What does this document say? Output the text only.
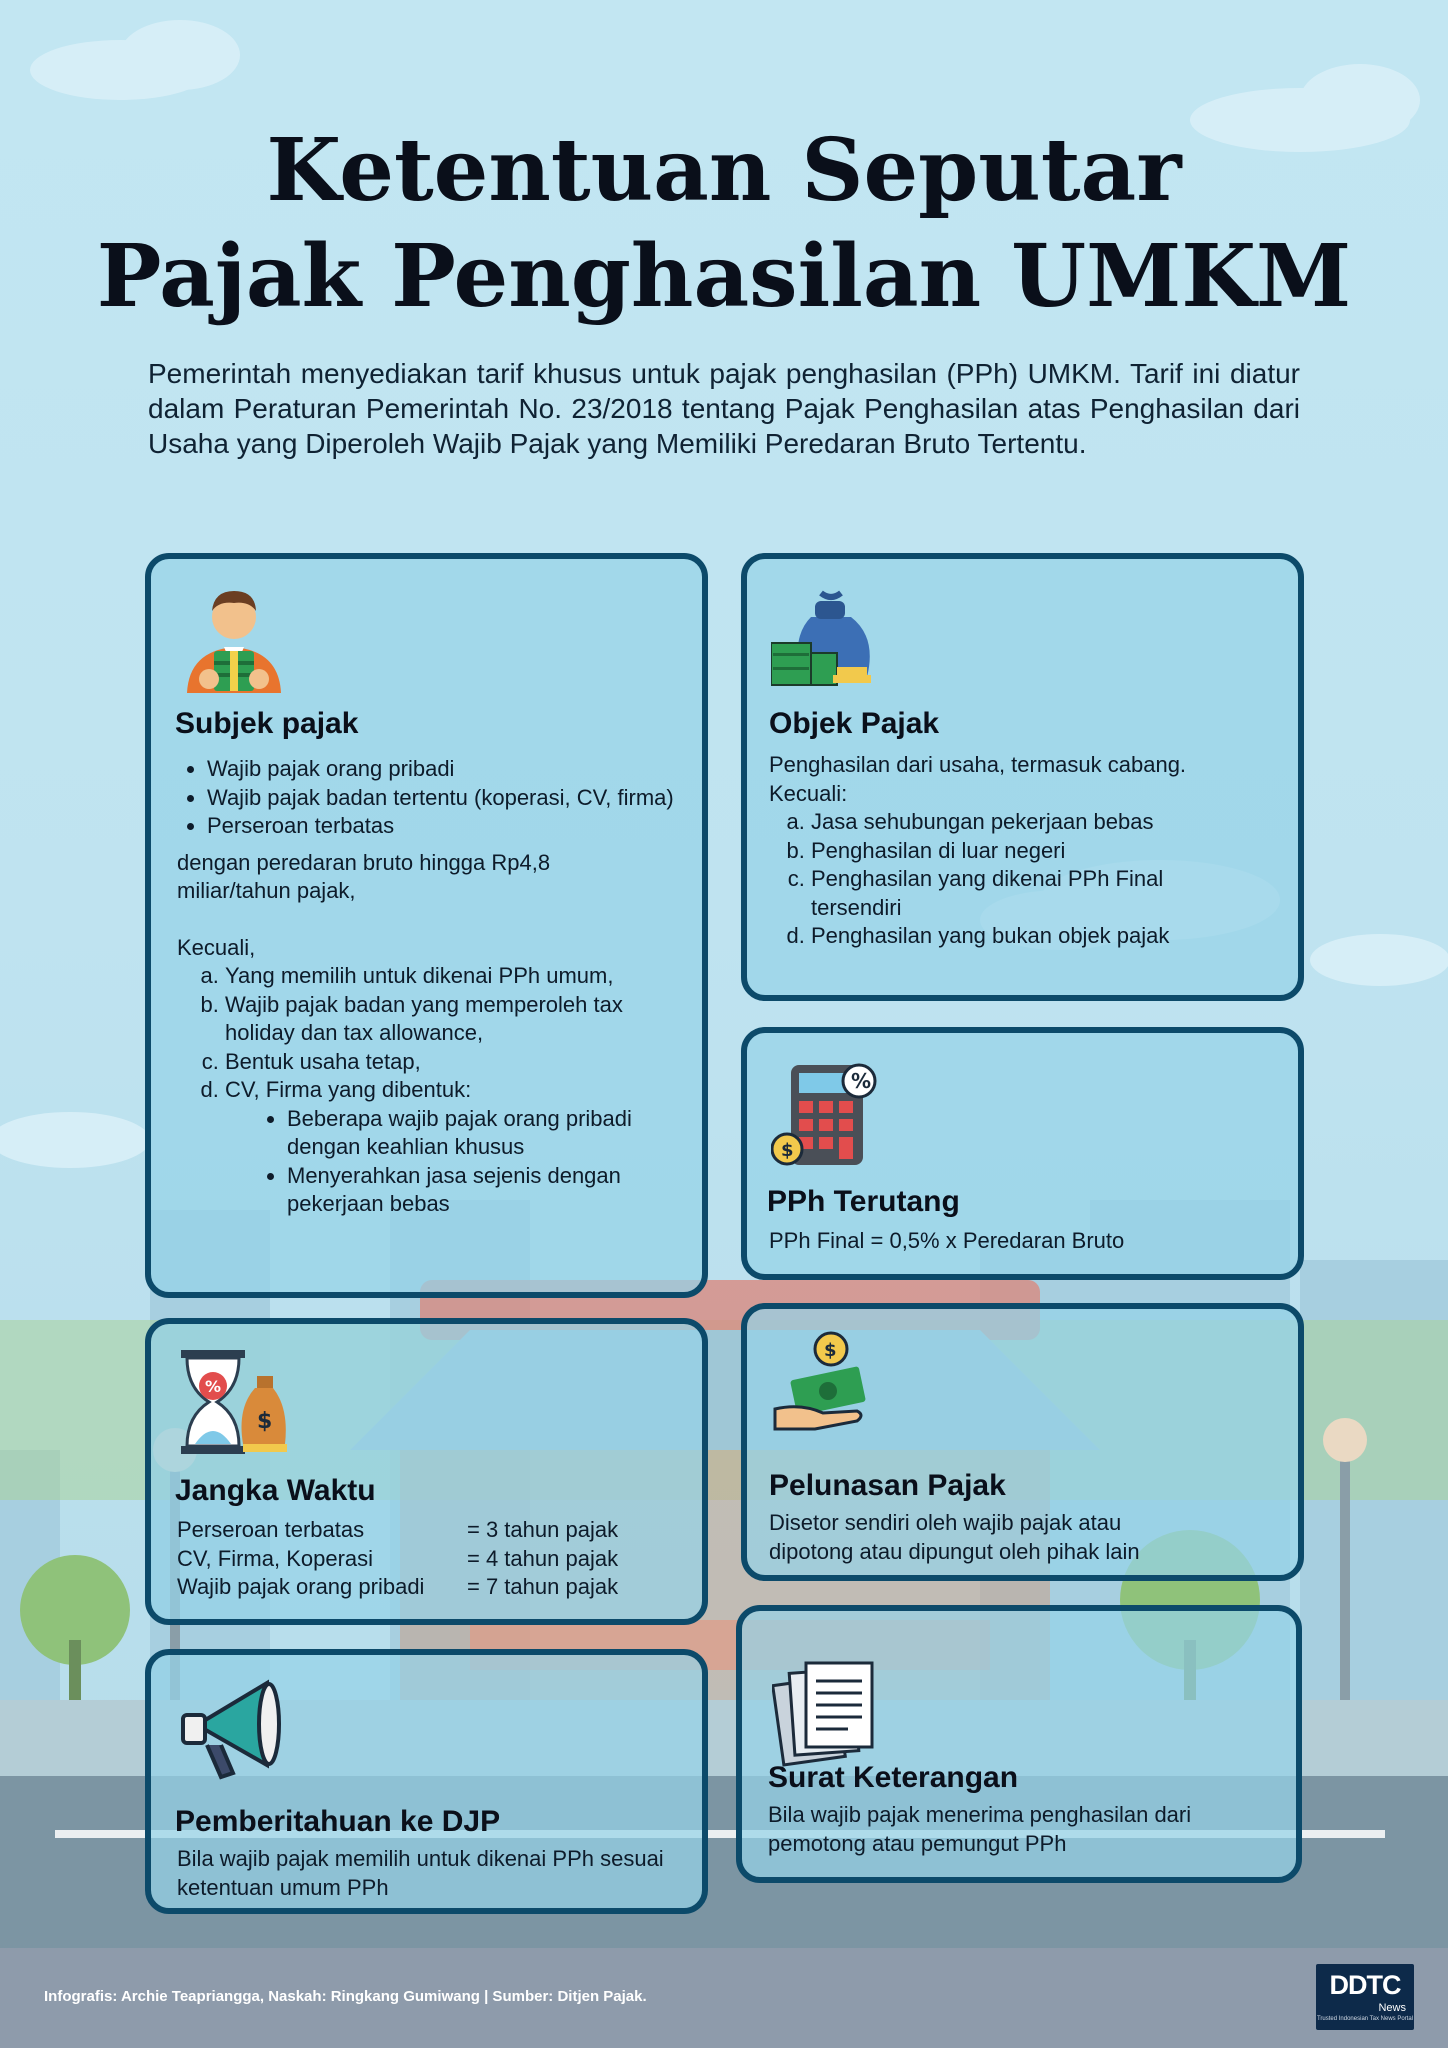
Ketentuan Seputar
Pajak Penghasilan UMKM

Pemerintah menyediakan tarif khusus untuk pajak penghasilan (PPh) UMKM. Tarif ini diatur dalam Peraturan Pemerintah No. 23/2018 tentang Pajak Penghasilan atas Penghasilan dari Usaha yang Diperoleh Wajib Pajak yang Memiliki Peredaran Bruto Tertentu.

Subjek pajak
• Wajib pajak orang pribadi
• Wajib pajak badan tertentu (koperasi, CV, firma)
• Perseroan terbatas

dengan peredaran bruto hingga Rp4,8 miliar/tahun pajak,

Kecuali,

a. Yang memilih untuk dikenai PPh umum,
b. Wajib pajak badan yang memperoleh tax holiday dan tax allowance,
c. Bentuk usaha tetap,
d. CV, Firma yang dibentuk:
• Beberapa wajib pajak orang pribadi dengan keahlian khusus
• Menyerahkan jasa sejenis dengan pekerjaan bebas
Objek Pajak

Penghasilan dari usaha, termasuk cabang.

Kecuali:

a. Jasa sehubungan pekerjaan bebas
b. Penghasilan di luar negeri
c. Penghasilan yang dikenai PPh Final tersendiri
d. Penghasilan yang bukan objek pajak
%
$
PPh Terutang

PPh Final = 0,5% x Peredaran Bruto

%
$
Jangka Waktu
Perseroan terbatas	= 3 tahun pajak
CV, Firma, Koperasi	= 4 tahun pajak
Wajib pajak orang pribadi	= 7 tahun pajak
$
Pelunasan Pajak

Disetor sendiri oleh wajib pajak atau dipotong atau dipungut oleh pihak lain

Pemberitahuan ke DJP

Bila wajib pajak memilih untuk dikenai PPh sesuai ketentuan umum PPh

Surat Keterangan

Bila wajib pajak menerima penghasilan dari pemotong atau pemungut PPh

Infografis: Archie Teaprianggа, Naskah: Ringkang Gumiwang | Sumber: Ditjen Pajak.	DDTC
News
Trusted Indonesian Tax News Portal
